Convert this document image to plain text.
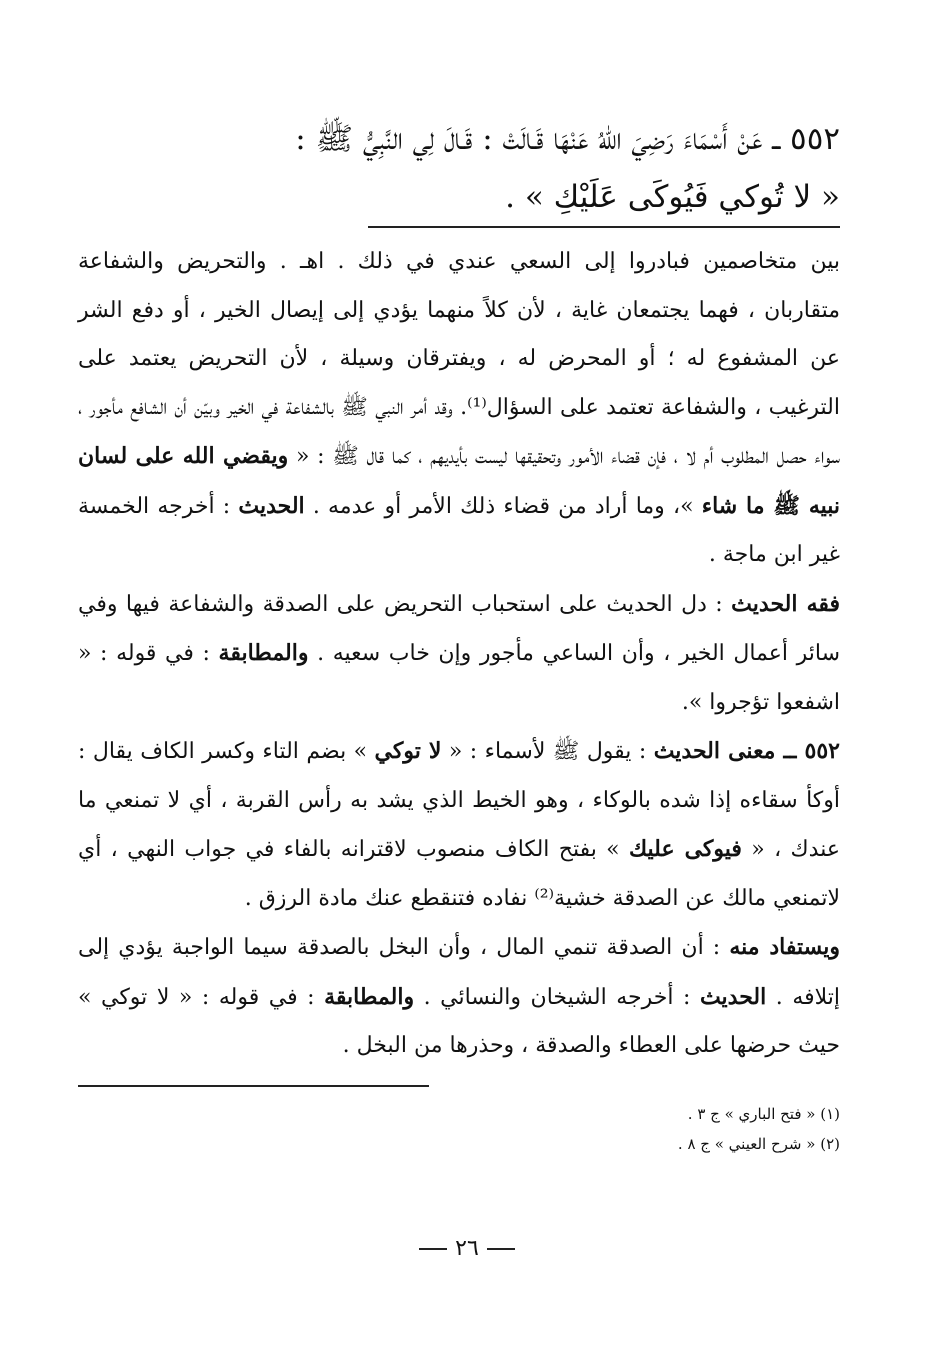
٥٥٢ ــ عَنْ أَسْمَاءَ رَضِيَ اللهُ عَنْهَا قَـالَتْ : قَـالَ لِي النَّبِيُّ ﷺ :
« لا تُوكي فَيُوكَى عَلَيْكِ » .

بين متخاصمين فبادروا إلى السعي عندي في ذلك . اهـ . والتحريض والشفاعة متقاربان ، فهما يجتمعان غاية ، لأن كلاً منهما يؤدي إلى إيصال الخير ، أو دفع الشر عن المشفوع له ؛ أو المحرض له ، ويفترقان وسيلة ، لأن التحريض يعتمد على الترغيب ، والشفاعة تعتمد على السؤال⁽¹⁾. وقد أمر النبي ﷺ بالشفاعة في الخير وبيّن أن الشافع مأجور ، سواء حصل المطلوب أم لا ، فإن قضاء الأمور وتحقيقها ليست بأيديهم ، كما قال ﷺ : « ويقضي الله على لسان نبيه ﷺ ما شاء »، وما أراد من قضاء ذلك الأمر أو عدمه . الحديث : أخرجه الخمسة غير ابن ماجة .

فقه الحديث : دل الحديث على استحباب التحريض على الصدقة والشفاعة فيها وفي سائر أعمال الخير ، وأن الساعي مأجور وإن خاب سعيه . والمطابقة : في قوله : « اشفعوا تؤجروا ».

٥٥٢ ــ معنى الحديث : يقول ﷺ لأسماء : « لا توكي » بضم التاء وكسر الكاف يقال : أوكأ سقاءه إذا شده بالوكاء ، وهو الخيط الذي يشد به رأس القربة ، أي لا تمنعي ما عندك ، « فيوكى عليك » بفتح الكاف منصوب لاقترانه بالفاء في جواب النهي ، أي لاتمنعي مالك عن الصدقة خشية⁽²⁾ نفاده فتنقطع عنك مادة الرزق .

ويستفاد منه : أن الصدقة تنمي المال ، وأن البخل بالصدقة سيما الواجبة يؤدي إلى إتلافه . الحديث : أخرجه الشيخان والنسائي . والمطابقة : في قوله : « لا توكي » حيث حرضها على العطاء والصدقة ، وحذرها من البخل .

(١) « فتح الباري » ج ٣ .
(٢) « شرح العيني » ج ٨ .
٢٦
